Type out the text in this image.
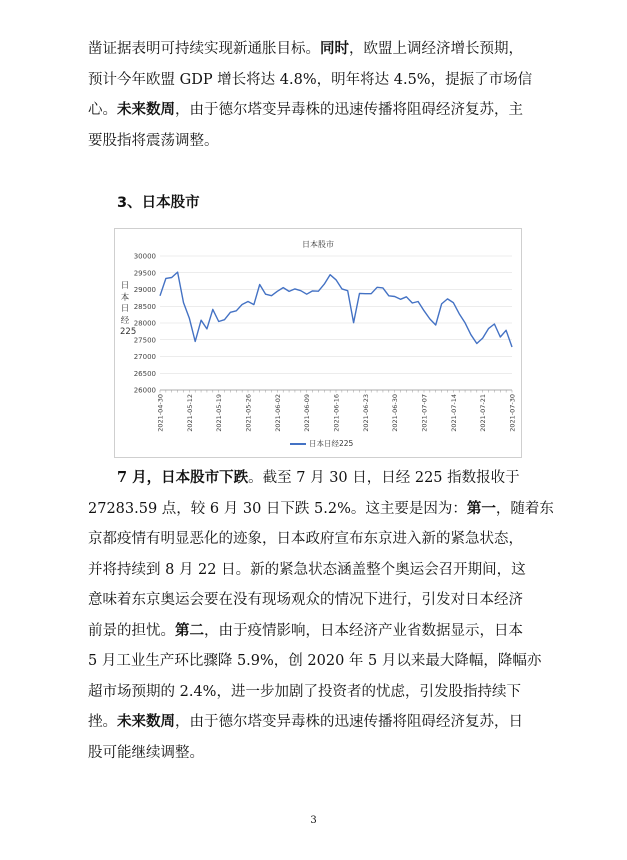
凿证据表明可持续实现新通胀目标。同时，欧盟上调经济增长预期，
预计今年欧盟 GDP 增长将达 4.8%，明年将达 4.5%，提振了市场信
心。未来数周，由于德尔塔变异毒株的迅速传播将阻碍经济复苏，主
要股指将震荡调整。
3、日本股市
日本股市
日本日经225
26000
26500
27000
27500
28000
28500
29000
29500
30000
2021-04-30	2021-05-12	2021-05-19	2021-05-26	2021-06-02	2021-06-09	2021-06-16	2021-06-23	2021-06-30	2021-07-07	2021-07-14	2021-07-21	2021-07-30
日本日经225
7 月，日本股市下跌。截至 7 月 30 日，日经 225 指数报收于
27283.59 点，较 6 月 30 日下跌 5.2%。这主要是因为：第一，随着东
京都疫情有明显恶化的迹象，日本政府宣布东京进入新的紧急状态，
并将持续到 8 月 22 日。新的紧急状态涵盖整个奥运会召开期间，这
意味着东京奥运会要在没有现场观众的情况下进行，引发对日本经济
前景的担忧。第二，由于疫情影响，日本经济产业省数据显示，日本
5 月工业生产环比骤降 5.9%，创 2020 年 5 月以来最大降幅，降幅亦
超市场预期的 2.4%，进一步加剧了投资者的忧虑，引发股指持续下
挫。未来数周，由于德尔塔变异毒株的迅速传播将阻碍经济复苏，日
股可能继续调整。
3
